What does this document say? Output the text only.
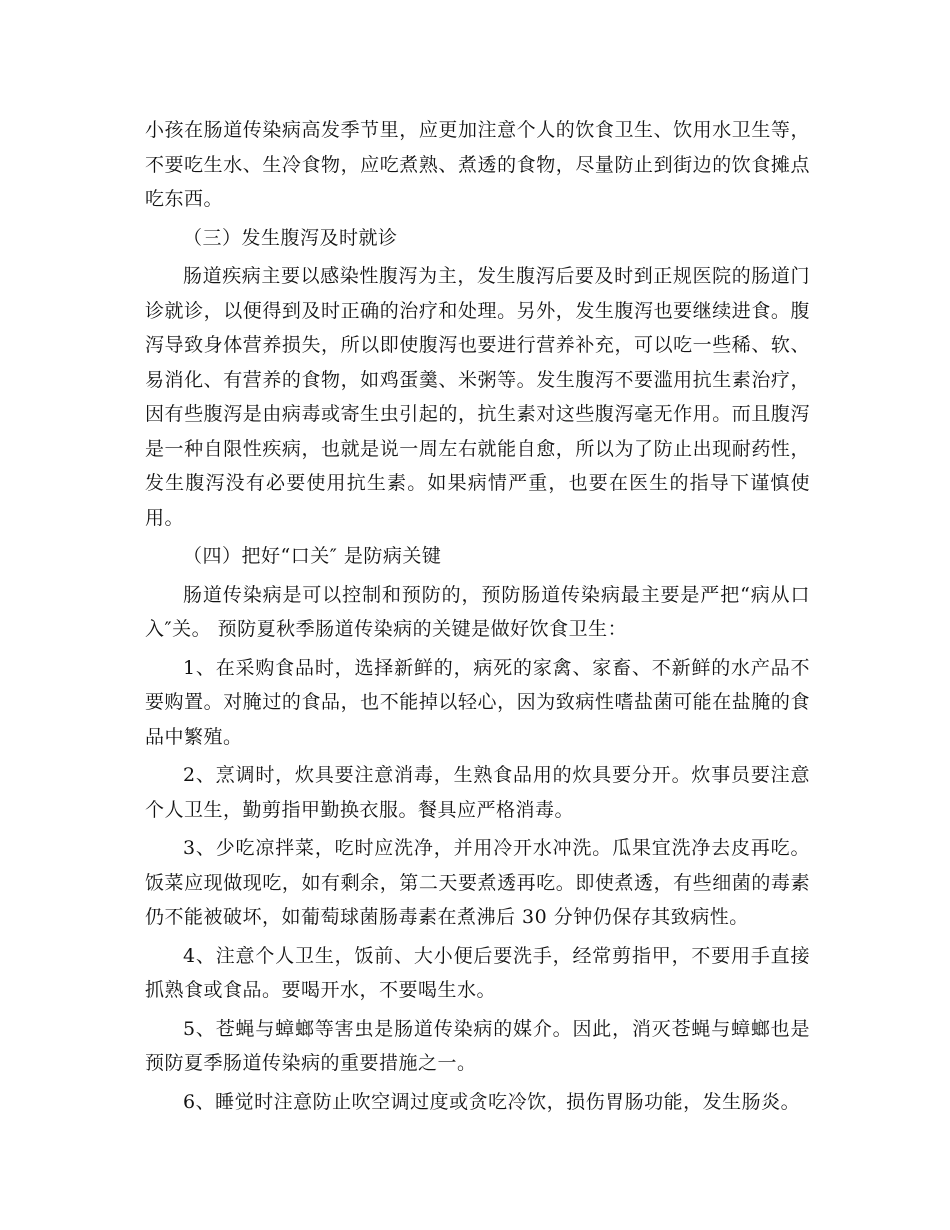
小孩在肠道传染病高发季节里，应更加注意个人的饮食卫生、饮用水卫生等，不要吃生水、生冷食物，应吃煮熟、煮透的食物，尽量防止到街边的饮食摊点吃东西。

（三）发生腹泻及时就诊

肠道疾病主要以感染性腹泻为主，发生腹泻后要及时到正规医院的肠道门诊就诊，以便得到及时正确的治疗和处理。另外，发生腹泻也要继续进食。腹泻导致身体营养损失，所以即使腹泻也要进行营养补充，可以吃一些稀、软、易消化、有营养的食物，如鸡蛋羹、米粥等。发生腹泻不要滥用抗生素治疗，因有些腹泻是由病毒或寄生虫引起的，抗生素对这些腹泻毫无作用。而且腹泻是一种自限性疾病，也就是说一周左右就能自愈，所以为了防止出现耐药性，发生腹泻没有必要使用抗生素。如果病情严重，也要在医生的指导下谨慎使用。

（四）把好“口关″ 是防病关键

肠道传染病是可以控制和预防的，预防肠道传染病最主要是严把“病从口入″关。 预防夏秋季肠道传染病的关键是做好饮食卫生：

1、在采购食品时，选择新鲜的，病死的家禽、家畜、不新鲜的水产品不要购置。对腌过的食品，也不能掉以轻心，因为致病性嗜盐菌可能在盐腌的食品中繁殖。

2、烹调时，炊具要注意消毒，生熟食品用的炊具要分开。炊事员要注意个人卫生，勤剪指甲勤换衣服。餐具应严格消毒。

3、少吃凉拌菜，吃时应洗净，并用冷开水冲洗。瓜果宜洗净去皮再吃。饭菜应现做现吃，如有剩余，第二天要煮透再吃。即使煮透，有些细菌的毒素仍不能被破坏，如葡萄球菌肠毒素在煮沸后 30 分钟仍保存其致病性。

4、注意个人卫生，饭前、大小便后要洗手，经常剪指甲，不要用手直接抓熟食或食品。要喝开水，不要喝生水。

5、苍蝇与蟑螂等害虫是肠道传染病的媒介。因此，消灭苍蝇与蟑螂也是预防夏季肠道传染病的重要措施之一。

6、睡觉时注意防止吹空调过度或贪吃冷饮，损伤胃肠功能，发生肠炎。
